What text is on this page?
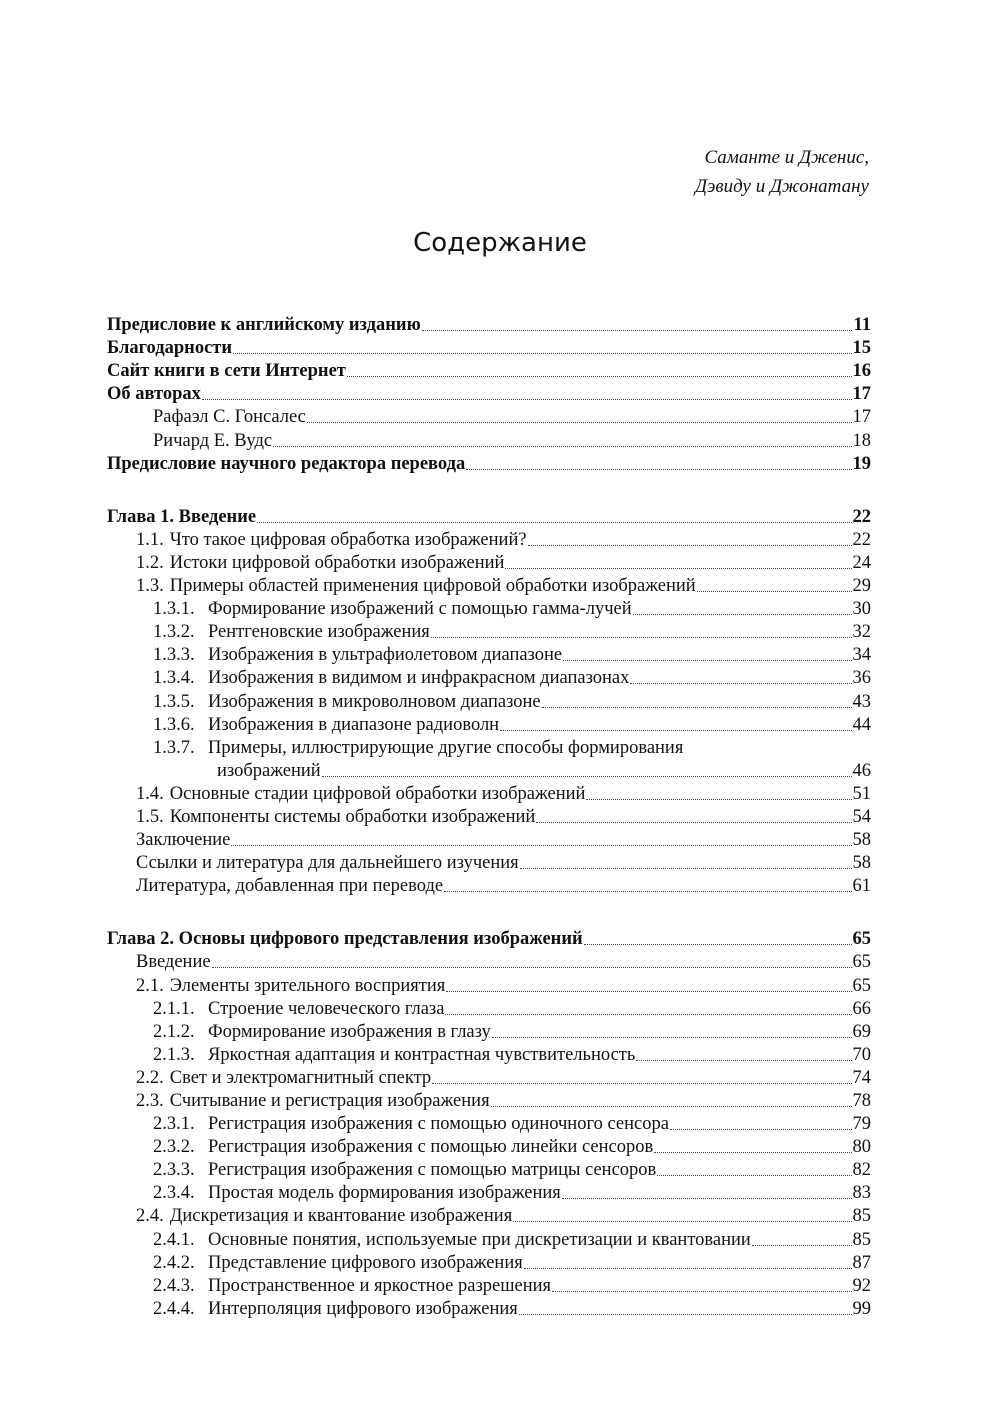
Саманте и Дженис,
Дэвиду и Джонатану
Содержание
Предисловие к английскому изданию	11
Благодарности	15
Сайт книги в сети Интернет	16
Об авторах	17
Рафаэл С. Гонсалес	17
Ричард Е. Вудс	18
Предисловие научного редактора перевода	19
Глава 1. Введение	22
1.1. Что такое цифровая обработка изображений?	22
1.2. Истоки цифровой обработки изображений	24
1.3. Примеры областей применения цифровой обработки изображений	29
1.3.1. Формирование изображений с помощью гамма-лучей	30
1.3.2. Рентгеновские изображения	32
1.3.3. Изображения в ультрафиолетовом диапазоне	34
1.3.4. Изображения в видимом и инфракрасном диапазонах	36
1.3.5. Изображения в микроволновом диапазоне	43
1.3.6. Изображения в диапазоне радиоволн	44
1.3.7. Примеры, иллюстрирующие другие способы формирования
изображений	46
1.4. Основные стадии цифровой обработки изображений	51
1.5. Компоненты системы обработки изображений	54
Заключение	58
Ссылки и литература для дальнейшего изучения	58
Литература, добавленная при переводе	61
Глава 2. Основы цифрового представления изображений	65
Введение	65
2.1. Элементы зрительного восприятия	65
2.1.1. Строение человеческого глаза	66
2.1.2. Формирование изображения в глазу	69
2.1.3. Яркостная адаптация и контрастная чувствительность	70
2.2. Свет и электромагнитный спектр	74
2.3. Считывание и регистрация изображения	78
2.3.1. Регистрация изображения с помощью одиночного сенсора	79
2.3.2. Регистрация изображения с помощью линейки сенсоров	80
2.3.3. Регистрация изображения с помощью матрицы сенсоров	82
2.3.4. Простая модель формирования изображения	83
2.4. Дискретизация и квантование изображения	85
2.4.1. Основные понятия, используемые при дискретизации и квантовании	85
2.4.2. Представление цифрового изображения	87
2.4.3. Пространственное и яркостное разрешения	92
2.4.4. Интерполяция цифрового изображения	99
